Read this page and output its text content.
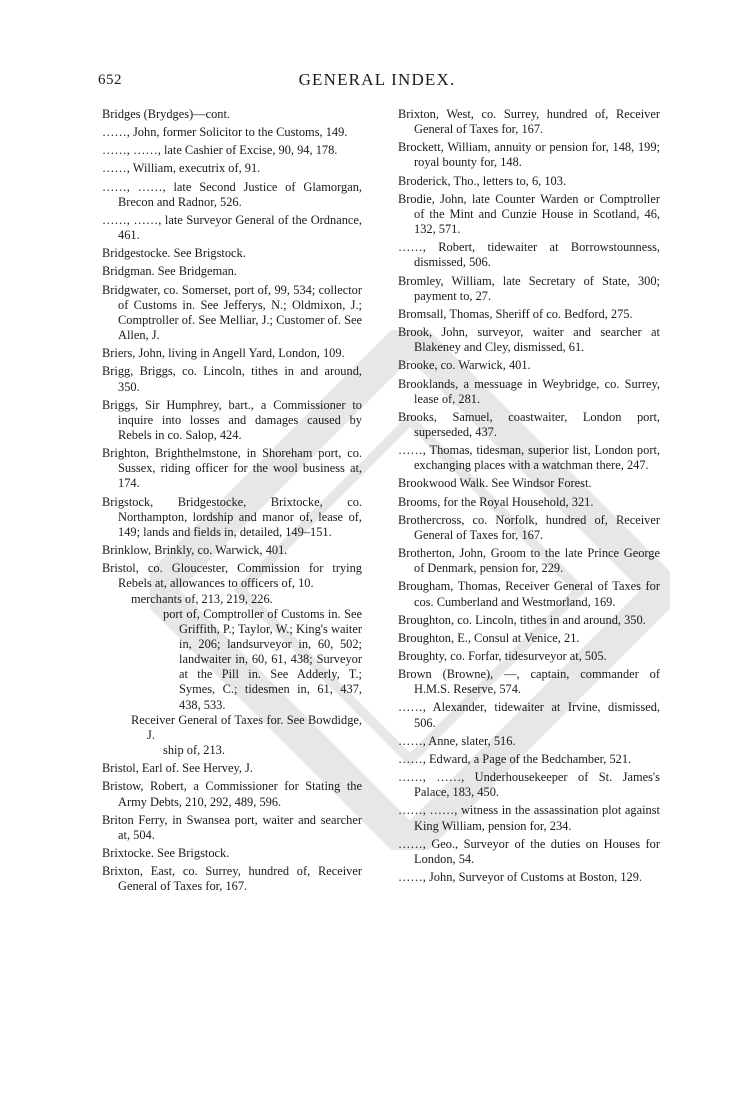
652	GENERAL INDEX.

Bridges (Brydges)—cont.

……, John, former Solicitor to the Customs, 149.

……, ……, late Cashier of Excise, 90, 94, 178.

……, William, executrix of, 91.

……, ……, late Second Justice of Glamorgan, Brecon and Radnor, 526.

……, ……, late Surveyor General of the Ordnance, 461.

Bridgestocke. See Brigstock.

Bridgman. See Bridgeman.

Bridgwater, co. Somerset, port of, 99, 534; collector of Customs in. See Jefferys, N.; Oldmixon, J.; Comptroller of. See Melliar, J.; Customer of. See Allen, J.

Briers, John, living in Angell Yard, London, 109.

Brigg, Briggs, co. Lincoln, tithes in and around, 350.

Briggs, Sir Humphrey, bart., a Commissioner to inquire into losses and damages caused by Rebels in co. Salop, 424.

Brighton, Brighthelmstone, in Shoreham port, co. Sussex, riding officer for the wool business at, 174.

Brigstock, Bridgestocke, Brixtocke, co. Northampton, lordship and manor of, lease of, 149; lands and fields in, detailed, 149–151.

Brinklow, Brinkly, co. Warwick, 401.

Bristol, co. Gloucester, Commission for trying Rebels at, allowances to officers of, 10.

merchants of, 213, 219, 226.

port of, Comptroller of Customs in. See Griffith, P.; Taylor, W.; King's waiter in, 206; landsurveyor in, 60, 502; landwaiter in, 60, 61, 438; Surveyor at the Pill in. See Adderly, T.; Symes, C.; tidesmen in, 61, 437, 438, 533.

Receiver General of Taxes for. See Bowdidge, J.

ship of, 213.

Bristol, Earl of. See Hervey, J.

Bristow, Robert, a Commissioner for Stating the Army Debts, 210, 292, 489, 596.

Briton Ferry, in Swansea port, waiter and searcher at, 504.

Brixtocke. See Brigstock.

Brixton, East, co. Surrey, hundred of, Receiver General of Taxes for, 167.

Brixton, West, co. Surrey, hundred of, Receiver General of Taxes for, 167.

Brockett, William, annuity or pension for, 148, 199; royal bounty for, 148.

Broderick, Tho., letters to, 6, 103.

Brodie, John, late Counter Warden or Comptroller of the Mint and Cunzie House in Scotland, 46, 132, 571.

……, Robert, tidewaiter at Borrowstounness, dismissed, 506.

Bromley, William, late Secretary of State, 300; payment to, 27.

Bromsall, Thomas, Sheriff of co. Bedford, 275.

Brook, John, surveyor, waiter and searcher at Blakeney and Cley, dismissed, 61.

Brooke, co. Warwick, 401.

Brooklands, a messuage in Weybridge, co. Surrey, lease of, 281.

Brooks, Samuel, coastwaiter, London port, superseded, 437.

……, Thomas, tidesman, superior list, London port, exchanging places with a watchman there, 247.

Brookwood Walk. See Windsor Forest.

Brooms, for the Royal Household, 321.

Brothercross, co. Norfolk, hundred of, Receiver General of Taxes for, 167.

Brotherton, John, Groom to the late Prince George of Denmark, pension for, 229.

Brougham, Thomas, Receiver General of Taxes for cos. Cumberland and Westmorland, 169.

Broughton, co. Lincoln, tithes in and around, 350.

Broughton, E., Consul at Venice, 21.

Broughty, co. Forfar, tidesurveyor at, 505.

Brown (Browne), —, captain, commander of H.M.S. Reserve, 574.

……, Alexander, tidewaiter at Irvine, dismissed, 506.

……, Anne, slater, 516.

……, Edward, a Page of the Bedchamber, 521.

……, ……, Underhousekeeper of St. James's Palace, 183, 450.

……, ……, witness in the assassination plot against King William, pension for, 234.

……, Geo., Surveyor of the duties on Houses for London, 54.

……, John, Surveyor of Customs at Boston, 129.
